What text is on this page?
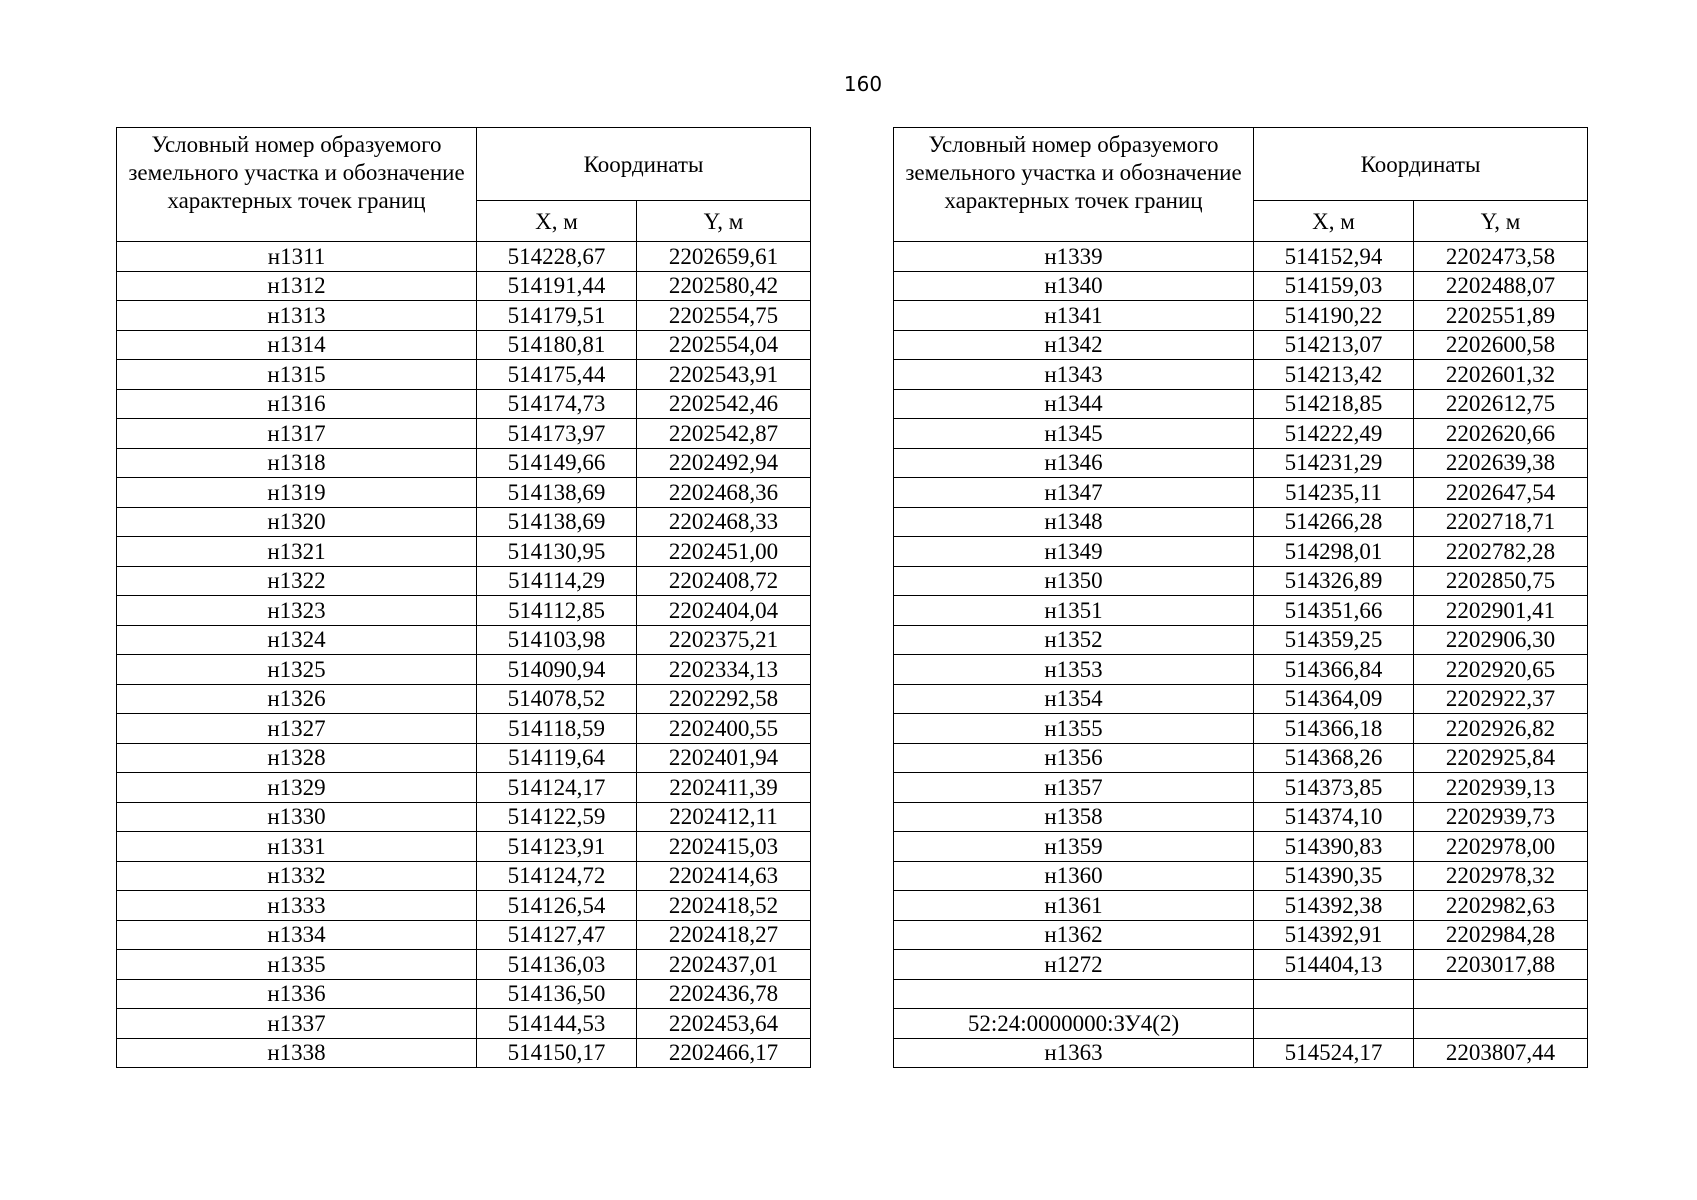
160
Условный номер образуемого земельного участка и обозначение характерных точек границ	Координаты	
	X, м	Y, м
н1311	514228,67	2202659,61
н1312	514191,44	2202580,42
н1313	514179,51	2202554,75
н1314	514180,81	2202554,04
н1315	514175,44	2202543,91
н1316	514174,73	2202542,46
н1317	514173,97	2202542,87
н1318	514149,66	2202492,94
н1319	514138,69	2202468,36
н1320	514138,69	2202468,33
н1321	514130,95	2202451,00
н1322	514114,29	2202408,72
н1323	514112,85	2202404,04
н1324	514103,98	2202375,21
н1325	514090,94	2202334,13
н1326	514078,52	2202292,58
н1327	514118,59	2202400,55
н1328	514119,64	2202401,94
н1329	514124,17	2202411,39
н1330	514122,59	2202412,11
н1331	514123,91	2202415,03
н1332	514124,72	2202414,63
н1333	514126,54	2202418,52
н1334	514127,47	2202418,27
н1335	514136,03	2202437,01
н1336	514136,50	2202436,78
н1337	514144,53	2202453,64
н1338	514150,17	2202466,17
Условный номер образуемого земельного участка и обозначение характерных точек границ	Координаты	
	X, м	Y, м
н1339	514152,94	2202473,58
н1340	514159,03	2202488,07
н1341	514190,22	2202551,89
н1342	514213,07	2202600,58
н1343	514213,42	2202601,32
н1344	514218,85	2202612,75
н1345	514222,49	2202620,66
н1346	514231,29	2202639,38
н1347	514235,11	2202647,54
н1348	514266,28	2202718,71
н1349	514298,01	2202782,28
н1350	514326,89	2202850,75
н1351	514351,66	2202901,41
н1352	514359,25	2202906,30
н1353	514366,84	2202920,65
н1354	514364,09	2202922,37
н1355	514366,18	2202926,82
н1356	514368,26	2202925,84
н1357	514373,85	2202939,13
н1358	514374,10	2202939,73
н1359	514390,83	2202978,00
н1360	514390,35	2202978,32
н1361	514392,38	2202982,63
н1362	514392,91	2202984,28
н1272	514404,13	2203017,88

52:24:0000000:ЗУ4(2)		
н1363	514524,17	2203807,44
